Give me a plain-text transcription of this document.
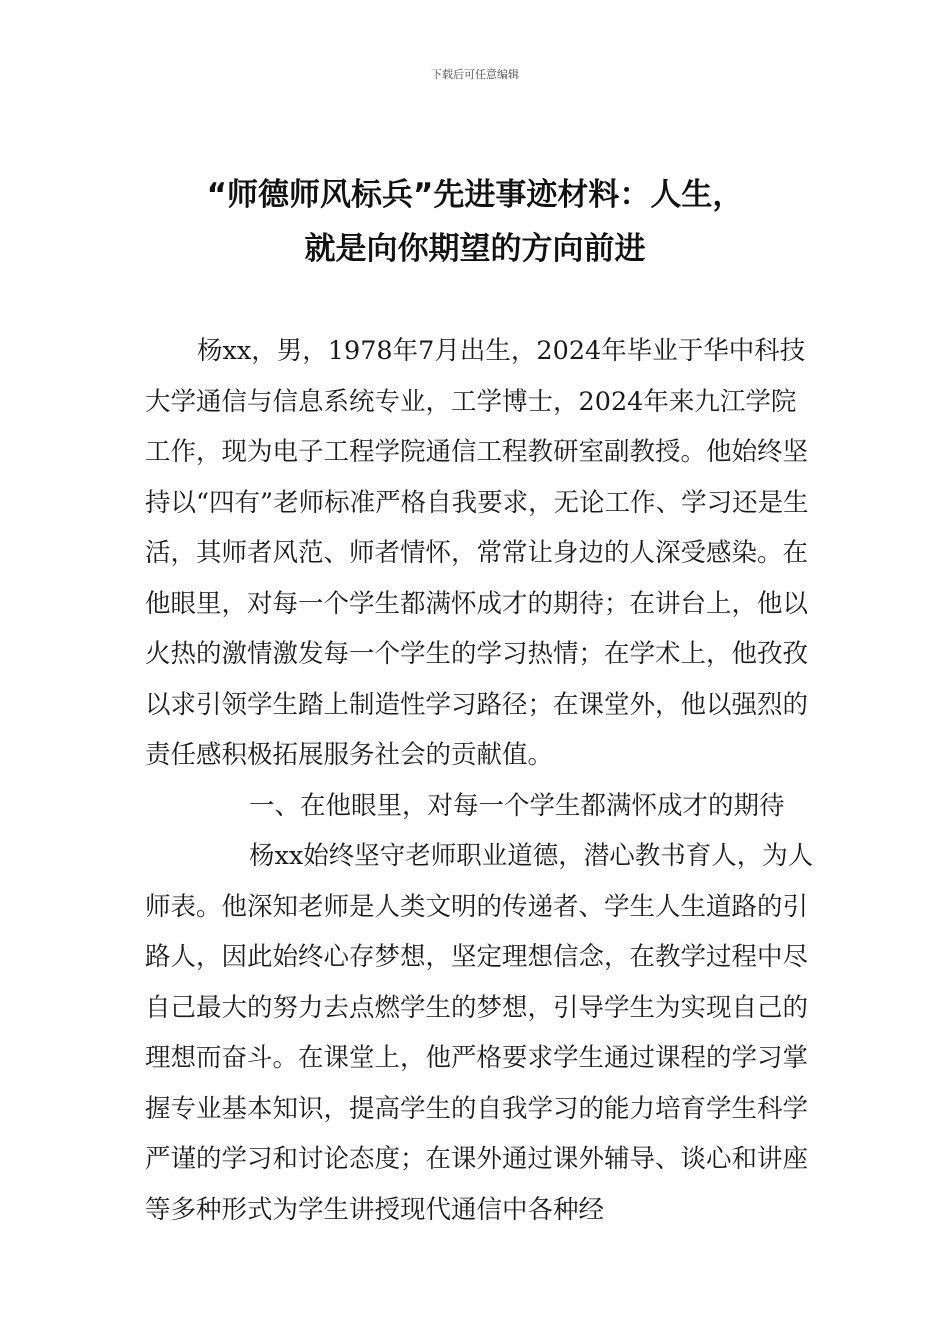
下载后可任意编辑
“师德师风标兵”先进事迹材料：人生，
就是向你期望的方向前进

杨xx，男，1978年7月出生，2024年毕业于华中科技大学通信与信息系统专业，工学博士，2024年来九江学院工作，现为电子工程学院通信工程教研室副教授。他始终坚持以“四有”老师标准严格自我要求，无论工作、学习还是生活，其师者风范、师者情怀，常常让身边的人深受感染。在他眼里，对每一个学生都满怀成才的期待；在讲台上，他以火热的激情激发每一个学生的学习热情；在学术上，他孜孜以求引领学生踏上制造性学习路径；在课堂外，他以强烈的责任感积极拓展服务社会的贡献值。

一、在他眼里，对每一个学生都满怀成才的期待

杨xx始终坚守老师职业道德，潜心教书育人，为人师表。他深知老师是人类文明的传递者、学生人生道路的引路人，因此始终心存梦想，坚定理想信念，在教学过程中尽自己最大的努力去点燃学生的梦想，引导学生为实现自己的理想而奋斗。在课堂上，他严格要求学生通过课程的学习掌握专业基本知识，提高学生的自我学习的能力培育学生科学严谨的学习和讨论态度；在课外通过课外辅导、谈心和讲座等多种形式为学生讲授现代通信中各种经
